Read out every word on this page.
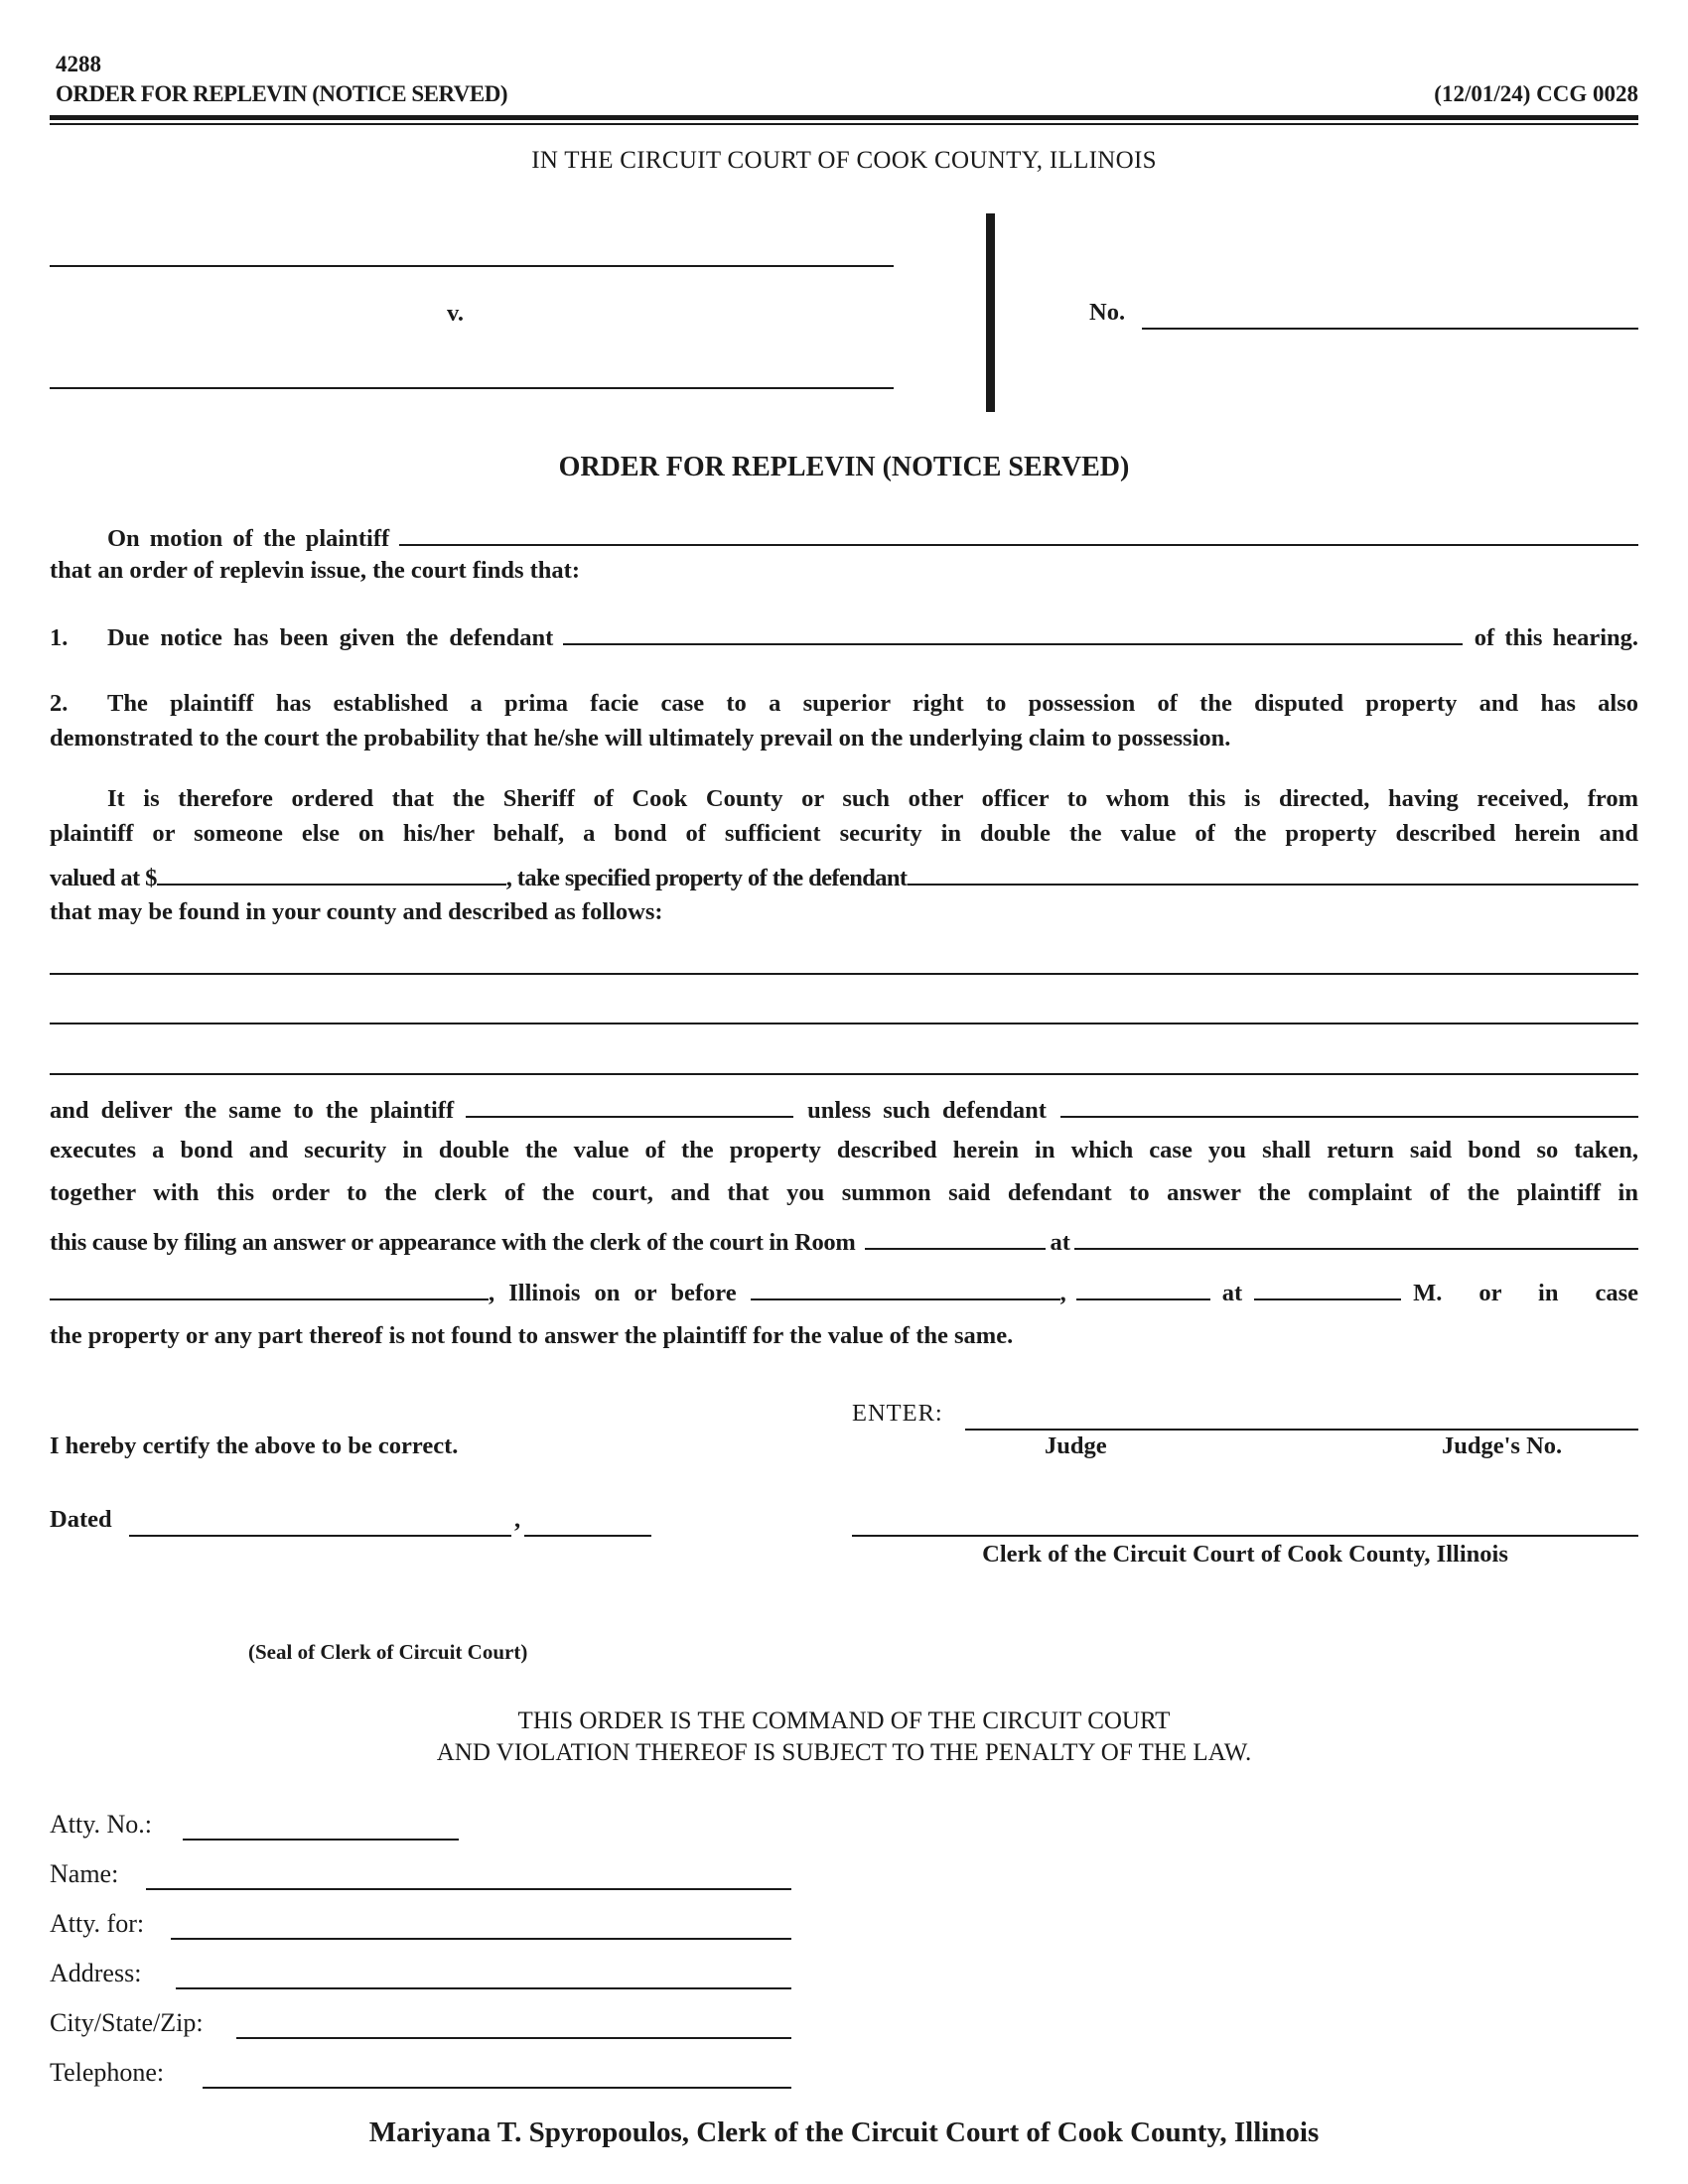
4288
ORDER FOR REPLEVIN (NOTICE SERVED)	(12/01/24) CCG 0028
IN THE CIRCUIT COURT OF COOK COUNTY, ILLINOIS
v.	No.
ORDER FOR REPLEVIN (NOTICE SERVED)
On motion of the plaintiff
that an order of replevin issue, the court finds that:
1.	Due notice has been given the defendant	of this hearing.
2.	The plaintiff has established a prima facie case to a superior right to possession of the disputed property and has also
demonstrated to the court the probability that he/she will ultimately prevail on the underlying claim to possession.
It is therefore ordered that the Sheriff of Cook County or such other officer to whom this is directed, having received, from
plaintiff or someone else on his/her behalf, a bond of sufficient security in double the value of the property described herein and
valued at $	, take specified property of the defendant
that may be found in your county and described as follows:
and deliver the same to the plaintiff	unless such defendant
executes a bond and security in double the value of the property described herein in which case you shall return said bond so taken,
together with this order to the clerk of the court, and that you summon said defendant to answer the complaint of the plaintiff in
this cause by filing an answer or appearance with the clerk of the court in Room	at
, Illinois on or before	,	at	M. or in case
the property or any part thereof is not found to answer the plaintiff for the value of the same.
ENTER:
Judge	Judge's No.
I hereby certify the above to be correct.
Dated	,
Clerk of the Circuit Court of Cook County, Illinois
(Seal of Clerk of Circuit Court)
THIS ORDER IS THE COMMAND OF THE CIRCUIT COURT
AND VIOLATION THEREOF IS SUBJECT TO THE PENALTY OF THE LAW.
Atty. No.:
Name:
Atty. for:
Address:
City/State/Zip:
Telephone:
Mariyana T. Spyropoulos, Clerk of the Circuit Court of Cook County, Illinois
